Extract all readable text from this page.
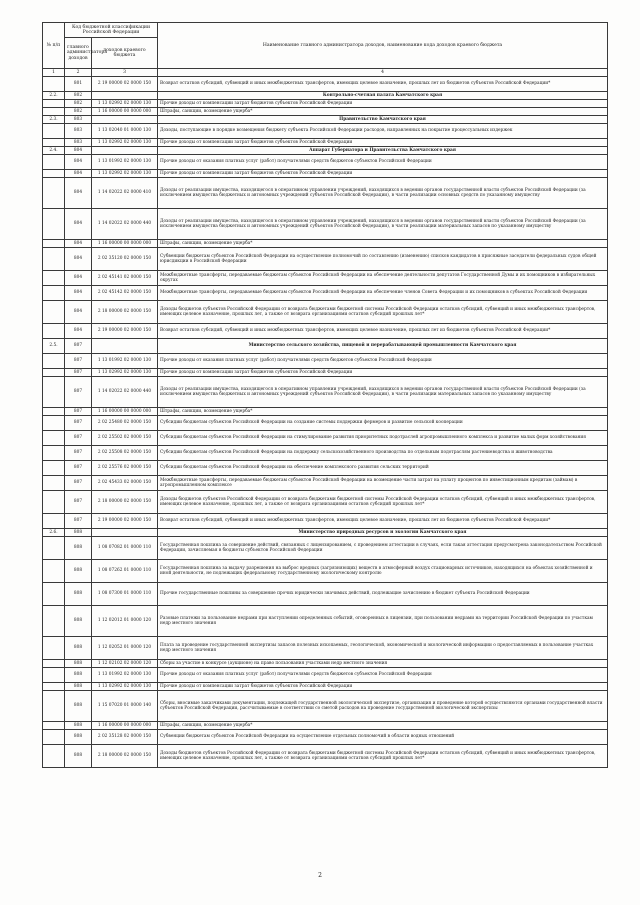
№ п/п	Код бюджетной классификации Российской Федерации		Наименование главного администратора доходов, наименование кода доходов краевого бюджета
	главного администратора доходов	доходов краевого бюджета	
1	2	3	4
	801	2 19 00000 02 0000 150	Возврат остатков субсидий, субвенций и иных межбюджетных трансфертов, имеющих целевое назначение, прошлых лет из бюджетов субъектов Российской Федерации*
2.2.	802		Контрольно-счетная палата Камчатского края
	802	1 13 02992 02 0000 130	Прочие доходы от компенсации затрат бюджетов субъектов Российской Федерации
	802	1 16 00000 00 0000 000	Штрафы, санкции, возмещение ущерба*
2.3.	803		Правительство Камчатского края
	803	1 13 02040 01 0000 130	Доходы, поступающие в порядке возмещения бюджету субъекта Российской Федерации расходов, направленных на покрытие процессуальных издержек
	803	1 13 02992 02 0000 130	Прочие доходы от компенсации затрат бюджетов субъектов Российской Федерации
2.4.	804		Аппарат Губернатора и Правительства Камчатского края
	804	1 13 01992 02 0000 130	Прочие доходы от оказания платных услуг (работ) получателями средств бюджетов субъектов Российской Федерации
	804	1 13 02992 02 0000 130	Прочие доходы от компенсации затрат бюджетов субъектов Российской Федерации
	804	1 14 02022 02 0000 410	Доходы от реализации имущества, находящегося в оперативном управлении учреждений, находящихся в ведении органов государственной власти субъектов Российской Федерации (за исключением имущества бюджетных и автономных учреждений субъектов Российской Федерации), в части реализации основных средств по указанному имуществу
	804	1 14 02022 02 0000 440	Доходы от реализации имущества, находящегося в оперативном управлении учреждений, находящихся в ведении органов государственной власти субъектов Российской Федерации (за исключением имущества бюджетных и автономных учреждений субъектов Российской Федерации), в части реализации материальных запасов по указанному имуществу
	804	1 16 00000 00 0000 000	Штрафы, санкции, возмещение ущерба*
	804	2 02 35120 02 0000 150	Субвенции бюджетам субъектов Российской Федерации на осуществление полномочий по составлению (изменению) списков кандидатов в присяжные заседатели федеральных судов общей юрисдикции в Российской Федерации
	804	2 02 45141 02 0000 150	Межбюджетные трансферты, передаваемые бюджетам субъектов Российской Федерации на обеспечение деятельности депутатов Государственной Думы и их помощников в избирательных округах
	804	2 02 45142 02 0000 150	Межбюджетные трансферты, передаваемые бюджетам субъектов Российской Федерации на обеспечение членов Совета Федерации и их помощников в субъектах Российской Федерации
	804	2 18 00000 02 0000 150	Доходы бюджетов субъектов Российской Федерации от возврата бюджетами бюджетной системы Российской Федерации остатков субсидий, субвенций и иных межбюджетных трансфертов, имеющих целевое назначение, прошлых лет, а также от возврата организациями остатков субсидий прошлых лет*
	804	2 19 00000 02 0000 150	Возврат остатков субсидий, субвенций и иных межбюджетных трансфертов, имеющих целевое назначение, прошлых лет из бюджетов субъектов Российской Федерации*
2.5.	807		Министерство сельского хозяйства, пищевой и перерабатывающей промышленности Камчатского края
	807	1 13 01992 02 0000 130	Прочие доходы от оказания платных услуг (работ) получателями средств бюджетов субъектов Российской Федерации
	807	1 13 02992 02 0000 130	Прочие доходы от компенсации затрат бюджетов субъектов Российской Федерации
	807	1 14 02022 02 0000 440	Доходы от реализации имущества, находящегося в оперативном управлении учреждений, находящихся в ведении органов государственной власти субъектов Российской Федерации (за исключением имущества бюджетных и автономных учреждений субъектов Российской Федерации), в части реализации материальных запасов по указанному имуществу
	807	1 16 00000 00 0000 000	Штрафы, санкции, возмещение ущерба*
	807	2 02 25480 02 0000 150	Субсидии бюджетам субъектов Российской Федерации на создание системы поддержки фермеров и развитие сельской кооперации
	807	2 02 25502 02 0000 150	Субсидии бюджетам субъектов Российской Федерации на стимулирование развития приоритетных подотраслей агропромышленного комплекса и развитие малых форм хозяйствования
	807	2 02 25508 02 0000 150	Субсидии бюджетам субъектов Российской Федерации на поддержку сельскохозяйственного производства по отдельным подотраслям растениеводства и животноводства
	807	2 02 25576 02 0000 150	Субсидии бюджетам субъектов Российской Федерации на обеспечение комплексного развития сельских территорий
	807	2 02 45433 02 0000 150	Межбюджетные трансферты, передаваемые бюджетам субъектов Российской Федерации на возмещение части затрат на уплату процентов по инвестиционным кредитам (займам) в агропромышленном комплексе
	807	2 18 00000 02 0000 150	Доходы бюджетов субъектов Российской Федерации от возврата бюджетами бюджетной системы Российской Федерации остатков субсидий, субвенций и иных межбюджетных трансфертов, имеющих целевое назначение, прошлых лет, а также от возврата организациями остатков субсидий прошлых лет*
	807	2 19 00000 02 0000 150	Возврат остатков субсидий, субвенций и иных межбюджетных трансфертов, имеющих целевое назначение, прошлых лет из бюджетов субъектов Российской Федерации*
2.6.	808		Министерство природных ресурсов и экологии Камчатского края
	808	1 08 07082 01 0000 110	Государственная пошлина за совершение действий, связанных с лицензированием, с проведением аттестации в случаях, если такая аттестация предусмотрена законодательством Российской Федерации, зачисляемая в бюджеты субъектов Российской Федерации
	808	1 08 07262 01 0000 110	Государственная пошлина за выдачу разрешения на выброс вредных (загрязняющих) веществ в атмосферный воздух стационарных источников, находящихся на объектах хозяйственной и иной деятельности, не подлежащих федеральному государственному экологическому контролю
	808	1 08 07300 01 0000 110	Прочие государственные пошлины за совершение прочих юридически значимых действий, подлежащие зачислению в бюджет субъекта Российской Федерации
	808	1 12 02012 01 0000 120	Разовые платежи за пользование недрами при наступлении определенных событий, оговоренных в лицензии, при пользовании недрами на территории Российской Федерации по участкам недр местного значения
	808	1 12 02052 01 0000 120	Плата за проведение государственной экспертизы запасов полезных ископаемых, геологической, экономической и экологической информации о предоставляемых в пользование участках недр местного значения
	808	1 12 02102 02 0000 120	Сборы за участие в конкурсе (аукционе) на право пользования участками недр местного значения
	808	1 13 01992 02 0000 130	Прочие доходы от оказания платных услуг (работ) получателями средств бюджетов субъектов Российской Федерации
	808	1 13 02992 02 0000 130	Прочие доходы от компенсации затрат бюджетов субъектов Российской Федерации
	808	1 15 07020 01 0000 140	Сборы, вносимые заказчиками документации, подлежащей государственной экологической экспертизе, организация и проведение которой осуществляются органами государственной власти субъектов Российской Федерации, рассчитываемые в соответствии со сметой расходов на проведение государственной экологической экспертизы
	808	1 16 00000 00 0000 000	Штрафы, санкции, возмещение ущерба*
	808	2 02 35128 02 0000 150	Субвенции бюджетам субъектов Российской Федерации на осуществление отдельных полномочий в области водных отношений
	808	2 18 00000 02 0000 150	Доходы бюджетов субъектов Российской Федерации от возврата бюджетами бюджетной системы Российской Федерации остатков субсидий, субвенций и иных межбюджетных трансфертов, имеющих целевое назначение, прошлых лет, а также от возврата организациями остатков субсидий прошлых лет*
2
